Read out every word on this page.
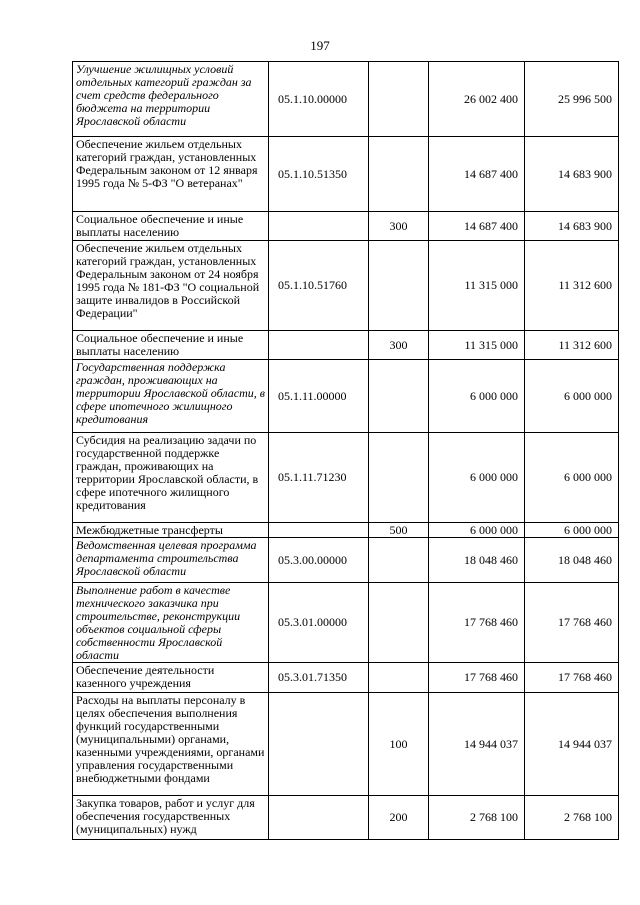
197
Улучшение жилищных условий отдельных категорий граждан за счет средств федерального бюджета на территории Ярославской области	05.1.10.00000		26 002 400	25 996 500
Обеспечение жильем отдельных категорий граждан, установленных Федеральным законом от 12 января 1995 года № 5-ФЗ "О ветеранах"	05.1.10.51350		14 687 400	14 683 900
Социальное обеспечение и иные выплаты населению		300	14 687 400	14 683 900
Обеспечение жильем отдельных категорий граждан, установленных Федеральным законом от 24 ноября 1995 года № 181-ФЗ "О социальной защите инвалидов в Российской Федерации"	05.1.10.51760		11 315 000	11 312 600
Социальное обеспечение и иные выплаты населению		300	11 315 000	11 312 600
Государственная поддержка граждан, проживающих на территории Ярославской области, в сфере ипотечного жилищного кредитования	05.1.11.00000		6 000 000	6 000 000
Субсидия на реализацию задачи по государственной поддержке граждан, проживающих на территории Ярославской области, в сфере ипотечного жилищного кредитования	05.1.11.71230		6 000 000	6 000 000
Межбюджетные трансферты		500	6 000 000	6 000 000
Ведомственная целевая программа департамента строительства Ярославской области	05.3.00.00000		18 048 460	18 048 460
Выполнение работ в качестве технического заказчика при строительстве, реконструкции объектов социальной сферы собственности Ярославской области	05.3.01.00000		17 768 460	17 768 460
Обеспечение деятельности казенного учреждения	05.3.01.71350		17 768 460	17 768 460
Расходы на выплаты персоналу в целях обеспечения выполнения функций государственными (муниципальными) органами, казенными учреждениями, органами управления государственными внебюджетными фондами		100	14 944 037	14 944 037
Закупка товаров, работ и услуг для обеспечения государственных (муниципальных) нужд		200	2 768 100	2 768 100
